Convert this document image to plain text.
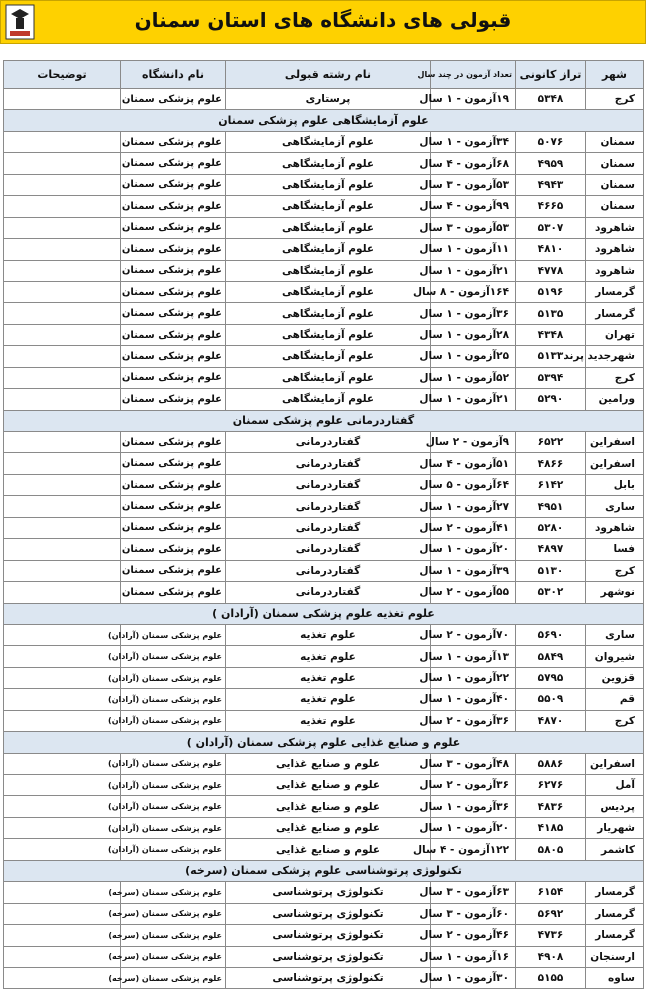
قبولی های دانشگاه های استان سمنان
شهر	تراز کانونی	تعداد آزمون در چند سال	نام رشته قبولی	نام دانشگاه	توضیحات
کرج	۵۳۴۸	۱۹آزمون - ۱ سال	پرستاری	علوم پزشکی سمنان	
علوم آزمایشگاهی علوم پزشکی سمنان					
سمنان	۵۰۷۶	۳۴آزمون - ۱ سال	علوم آزمایشگاهی	علوم پزشکی سمنان	
سمنان	۴۹۵۹	۶۸آزمون - ۴ سال	علوم آزمایشگاهی	علوم پزشکی سمنان	
سمنان	۴۹۴۳	۵۳آزمون - ۳ سال	علوم آزمایشگاهی	علوم پزشکی سمنان	
سمنان	۴۶۶۵	۹۹آزمون - ۴ سال	علوم آزمایشگاهی	علوم پزشکی سمنان	
شاهرود	۵۳۰۷	۵۳آزمون - ۳ سال	علوم آزمایشگاهی	علوم پزشکی سمنان	
شاهرود	۴۸۱۰	۱۱آزمون - ۱ سال	علوم آزمایشگاهی	علوم پزشکی سمنان	
شاهرود	۴۷۷۸	۲۱آزمون - ۱ سال	علوم آزمایشگاهی	علوم پزشکی سمنان	
گرمسار	۵۱۹۶	۱۶۴آزمون - ۸ سال	علوم آزمایشگاهی	علوم پزشکی سمنان	
گرمسار	۵۱۳۵	۳۶آزمون - ۱ سال	علوم آزمایشگاهی	علوم پزشکی سمنان	
تهران	۴۳۴۸	۲۸آزمون - ۱ سال	علوم آزمایشگاهی	علوم پزشکی سمنان	
شهرجدید پرند	۵۱۳۳	۲۵آزمون - ۱ سال	علوم آزمایشگاهی	علوم پزشکی سمنان	
کرج	۵۳۹۴	۵۲آزمون - ۱ سال	علوم آزمایشگاهی	علوم پزشکی سمنان	
ورامین	۵۲۹۰	۲۱آزمون - ۱ سال	علوم آزمایشگاهی	علوم پزشکی سمنان	
گفتاردرمانی علوم پزشکی سمنان					
اسفراین	۶۵۲۲	۹آزمون - ۲ سال	گفتاردرمانی	علوم پزشکی سمنان	
اسفراین	۴۸۶۶	۵۱آزمون - ۴ سال	گفتاردرمانی	علوم پزشکی سمنان	
بابل	۶۱۴۲	۶۴آزمون - ۵ سال	گفتاردرمانی	علوم پزشکی سمنان	
ساری	۴۹۵۱	۲۷آزمون - ۱ سال	گفتاردرمانی	علوم پزشکی سمنان	
شاهرود	۵۲۸۰	۴۱آزمون - ۲ سال	گفتاردرمانی	علوم پزشکی سمنان	
فسا	۴۸۹۷	۲۰آزمون - ۱ سال	گفتاردرمانی	علوم پزشکی سمنان	
کرج	۵۱۳۰	۳۹آزمون - ۱ سال	گفتاردرمانی	علوم پزشکی سمنان	
نوشهر	۵۳۰۲	۵۵آزمون - ۲ سال	گفتاردرمانی	علوم پزشکی سمنان	
علوم تغذیه علوم پزشکی سمنان (آرادان )					
ساری	۵۶۹۰	۷۰آزمون - ۲ سال	علوم تغذیه	علوم پزشکی سمنان (آرادان)	
شیروان	۵۸۴۹	۱۳آزمون - ۱ سال	علوم تغذیه	علوم پزشکی سمنان (آرادان)	
قزوین	۵۷۹۵	۲۲آزمون - ۱ سال	علوم تغذیه	علوم پزشکی سمنان (آرادان)	
قم	۵۵۰۹	۴۰آزمون - ۱ سال	علوم تغذیه	علوم پزشکی سمنان (آرادان)	
کرج	۴۸۷۰	۳۶آزمون - ۲ سال	علوم تغذیه	علوم پزشکی سمنان (آرادان)	
علوم و صنایع غذایی علوم پزشکی سمنان (آرادان )					
اسفراین	۵۸۸۶	۴۸آزمون - ۳ سال	علوم و صنایع غذایی	علوم پزشکی سمنان (آرادان)	
آمل	۶۲۷۶	۳۶آزمون - ۲ سال	علوم و صنایع غذایی	علوم پزشکی سمنان (آرادان)	
پردیس	۴۸۳۶	۳۶آزمون - ۱ سال	علوم و صنایع غذایی	علوم پزشکی سمنان (آرادان)	
شهریار	۴۱۸۵	۲۰آزمون - ۱ سال	علوم و صنایع غذایی	علوم پزشکی سمنان (آرادان)	
کاشمر	۵۸۰۵	۱۲۲آزمون - ۴ سال	علوم و صنایع غذایی	علوم پزشکی سمنان (آرادان)	
تکنولوژی پرتوشناسی علوم پزشکی سمنان (سرخه)					
گرمسار	۶۱۵۴	۶۳آزمون - ۳ سال	تکنولوژی پرتوشناسی	علوم پزشکی سمنان (سرخه)	
گرمسار	۵۶۹۲	۶۰آزمون - ۳ سال	تکنولوژی پرتوشناسی	علوم پزشکی سمنان (سرخه)	
گرمسار	۴۷۳۶	۴۶آزمون - ۲ سال	تکنولوژی پرتوشناسی	علوم پزشکی سمنان (سرخه)	
ارسنجان	۴۹۰۸	۱۶آزمون - ۱ سال	تکنولوژی پرتوشناسی	علوم پزشکی سمنان (سرخه)	
ساوه	۵۱۵۵	۳۰آزمون - ۱ سال	تکنولوژی پرتوشناسی	علوم پزشکی سمنان (سرخه)	
